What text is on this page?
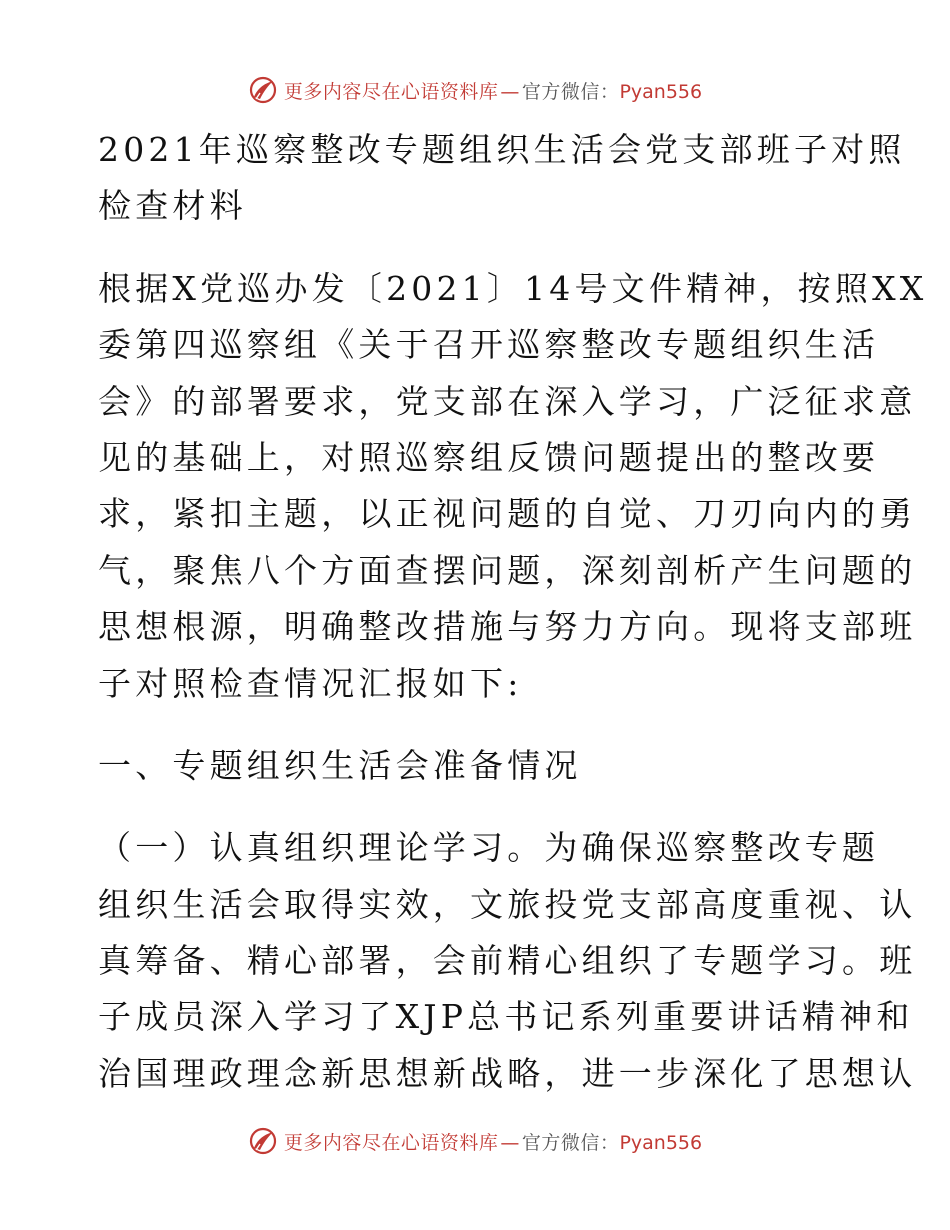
更多内容尽在心语资料库 — 官方微信：Pyan556
2021年巡察整改专题组织生活会党支部班子对照
检查材料
根据X党巡办发〔2021〕14号文件精神，按照XX
委第四巡察组《关于召开巡察整改专题组织生活
会》的部署要求，党支部在深入学习，广泛征求意
见的基础上，对照巡察组反馈问题提出的整改要
求，紧扣主题，以正视问题的自觉、刀刃向内的勇
气，聚焦八个方面查摆问题，深刻剖析产生问题的
思想根源，明确整改措施与努力方向。现将支部班
子对照检查情况汇报如下:
一、专题组织生活会准备情况
（一）认真组织理论学习。为确保巡察整改专题
组织生活会取得实效，文旅投党支部高度重视、认
真筹备、精心部署，会前精心组织了专题学习。班
子成员深入学习了XJP总书记系列重要讲话精神和
治国理政理念新思想新战略，进一步深化了思想认
更多内容尽在心语资料库 — 官方微信：Pyan556
